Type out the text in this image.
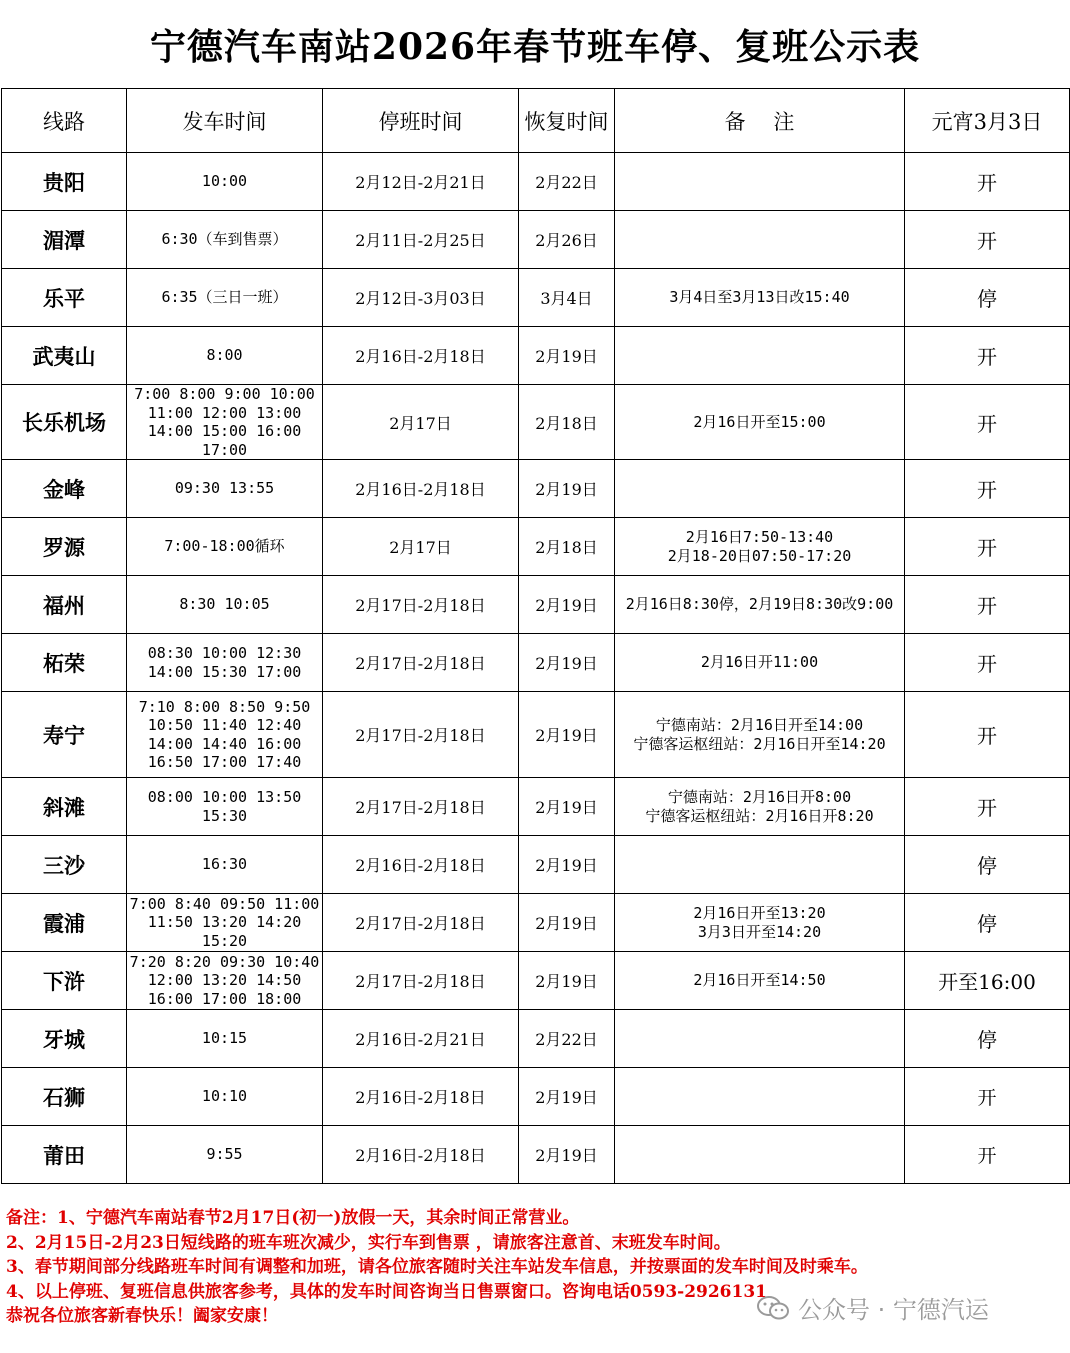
宁德汽车南站2026年春节班车停、复班公示表
线路	发车时间	停班时间	恢复时间	备　 注	元宵3月3日
贵阳	10:00	2月12日-2月21日	2月22日		开
湄潭	6:30（车到售票）	2月11日-2月25日	2月26日		开
乐平	6:35（三日一班）	2月12日-3月03日	3月4日	3月4日至3月13日改15:40	停
武夷山	8:00	2月16日-2月18日	2月19日		开
长乐机场	7:00 8:00 9:00 10:00
11:00 12:00 13:00
14:00 15:00 16:00
17:00	2月17日	2月18日	2月16日开至15:00	开
金峰	09:30 13:55	2月16日-2月18日	2月19日		开
罗源	7:00-18:00循环	2月17日	2月18日	2月16日7:50-13:40
2月18-20日07:50-17:20	开
福州	8:30 10:05	2月17日-2月18日	2月19日	2月16日8:30停，2月19日8:30改9:00	开
柘荣	08:30 10:00 12:30
14:00 15:30 17:00	2月17日-2月18日	2月19日	2月16日开11:00	开
寿宁	7:10 8:00 8:50 9:50
10:50 11:40 12:40
14:00 14:40 16:00
16:50 17:00 17:40	2月17日-2月18日	2月19日	宁德南站：2月16日开至14:00
宁德客运枢纽站：2月16日开至14:20	开
斜滩	08:00 10:00 13:50
15:30	2月17日-2月18日	2月19日	宁德南站：2月16日开8:00
宁德客运枢纽站：2月16日开8:20	开
三沙	16:30	2月16日-2月18日	2月19日		停
霞浦	7:00 8:40 09:50 11:00
11:50 13:20 14:20
15:20	2月17日-2月18日	2月19日	2月16日开至13:20
3月3日开至14:20	停
下浒	7:20 8:20 09:30 10:40
12:00 13:20 14:50
16:00 17:00 18:00	2月17日-2月18日	2月19日	2月16日开至14:50	开至16:00
牙城	10:15	2月16日-2月21日	2月22日		停
石狮	10:10	2月16日-2月18日	2月19日		开
莆田	9:55	2月16日-2月18日	2月19日		开
备注：1、宁德汽车南站春节2月17日(初一)放假一天，其余时间正常营业。
2、2月15日-2月23日短线路的班车班次减少，实行车到售票 ，请旅客注意首、末班发车时间。
3、春节期间部分线路班车时间有调整和加班，请各位旅客随时关注车站发车信息，并按票面的发车时间及时乘车。
4、以上停班、复班信息供旅客参考，具体的发车时间咨询当日售票窗口。咨询电话0593-2926131
恭祝各位旅客新春快乐！阖家安康！	公众号 · 宁德汽运
